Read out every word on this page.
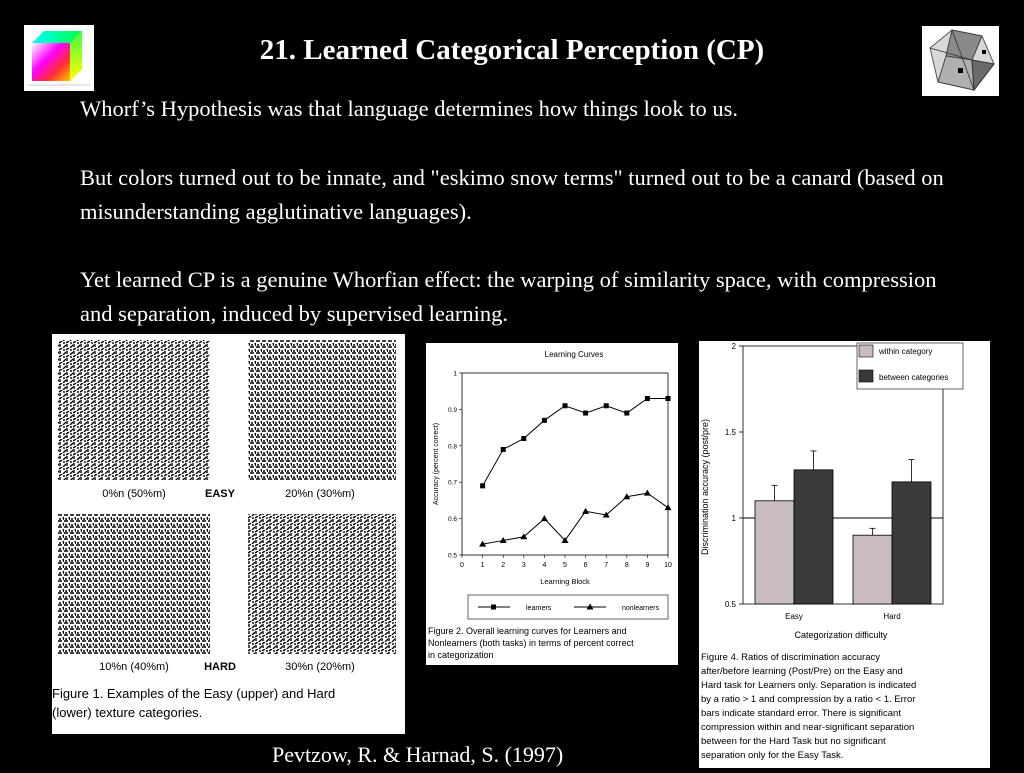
21. Learned Categorical Perception (CP)
Whorf’s Hypothesis was that language determines how things look to us.
But colors turned out to be innate, and "eskimo snow terms" turned out to be a canard (based on misunderstanding agglutinative languages).
Yet learned CP is a genuine Whorfian effect: the warping of similarity space, with compression and separation, induced by supervised learning.
0%n (50%m)	EASY	20%n (30%m)
10%n (40%m)	HARD	30%n (20%m)
Figure 1. Examples of the Easy (upper) and Hard
(lower) texture categories.
Learning Curves
0 1 2 3 4 5 6 7 8 9 10
0.5
0.6
0.7
0.8
0.9
1
Learning Block
Accuracy (percent correct)
learners	nonlearners
Figure 2. Overall learning curves for Learners and
Nonlearners (both tasks) in terms of percent correct
in categorization
0.5
1
1.5
2
Easy	Hard
within category
between categories
Categorization difficulty
Discrimination accuracy (post/pre)
Figure 4. Ratios of discrimination accuracy
after/before learning (Post/Pre) on the Easy and
Hard task for Learners only. Separation is indicated
by a ratio > 1 and compression by a ratio < 1. Error
bars indicate standard error. There is significant
compression within and near-significant separation
between for the Hard Task but no significant
separation only for the Easy Task.
Pevtzow, R. & Harnad, S. (1997)
